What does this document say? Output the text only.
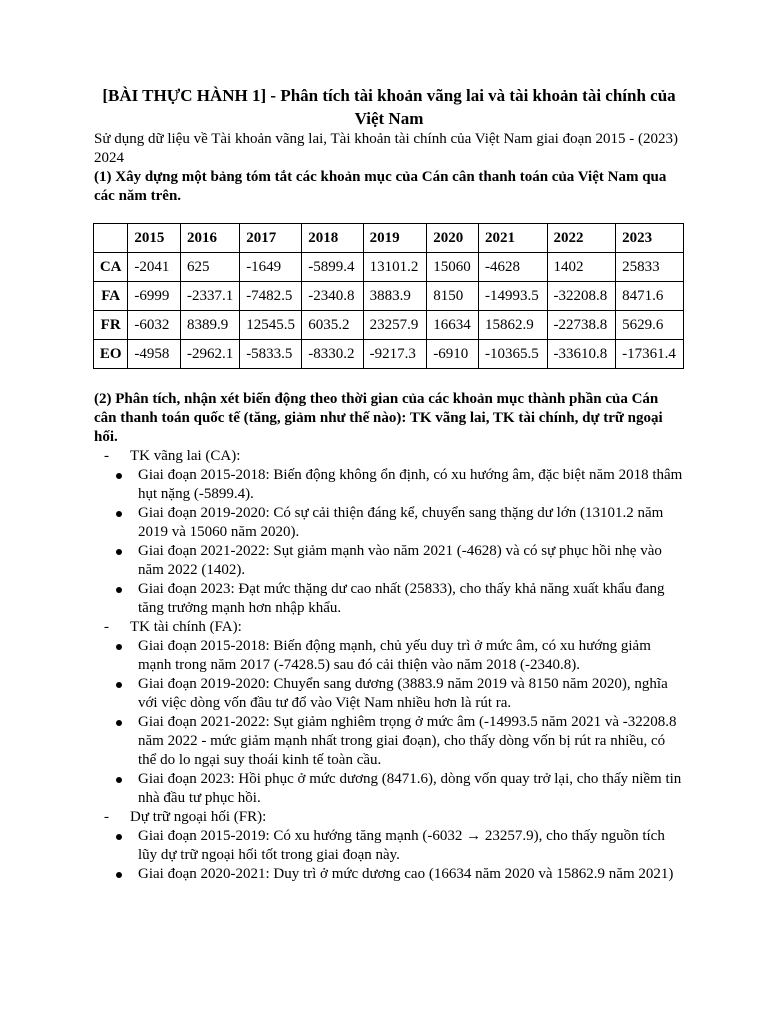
[BÀI THỰC HÀNH 1] - Phân tích tài khoản vãng lai và tài khoản tài chính của Việt Nam

Sử dụng dữ liệu về Tài khoản vãng lai, Tài khoản tài chính của Việt Nam giai đoạn 2015 - (2023) 2024

(1) Xây dựng một bảng tóm tắt các khoản mục của Cán cân thanh toán của Việt Nam qua các năm trên.

	2015	2016	2017	2018	2019	2020	2021	2022	2023
CA	-2041	625	-1649	-5899.4	13101.2	15060	-4628	1402	25833
FA	-6999	-2337.1	-7482.5	-2340.8	3883.9	8150	-14993.5	-32208.8	8471.6
FR	-6032	8389.9	12545.5	6035.2	23257.9	16634	15862.9	-22738.8	5629.6
EO	-4958	-2962.1	-5833.5	-8330.2	-9217.3	-6910	-10365.5	-33610.8	-17361.4

(2) Phân tích, nhận xét biến động theo thời gian của các khoản mục thành phần của Cán cân thanh toán quốc tế (tăng, giảm như thế nào): TK vãng lai, TK tài chính, dự trữ ngoại hối.

- TK vãng lai (CA):
Giai đoạn 2015-2018: Biến động không ổn định, có xu hướng âm, đặc biệt năm 2018 thâm hụt nặng (-5899.4).
Giai đoạn 2019-2020: Có sự cải thiện đáng kể, chuyển sang thặng dư lớn (13101.2 năm 2019 và 15060 năm 2020).
Giai đoạn 2021-2022: Sụt giảm mạnh vào năm 2021 (-4628) và có sự phục hồi nhẹ vào năm 2022 (1402).
Giai đoạn 2023: Đạt mức thặng dư cao nhất (25833), cho thấy khả năng xuất khẩu đang tăng trưởng mạnh hơn nhập khẩu.
- TK tài chính (FA):
Giai đoạn 2015-2018: Biến động mạnh, chủ yếu duy trì ở mức âm, có xu hướng giảm mạnh trong năm 2017 (-7428.5) sau đó cải thiện vào năm 2018 (-2340.8).
Giai đoạn 2019-2020: Chuyển sang dương (3883.9 năm 2019 và 8150 năm 2020), nghĩa với việc dòng vốn đầu tư đổ vào Việt Nam nhiều hơn là rút ra.
Giai đoạn 2021-2022: Sụt giảm nghiêm trọng ở mức âm (-14993.5 năm 2021 và -32208.8 năm 2022 - mức giảm mạnh nhất trong giai đoạn), cho thấy dòng vốn bị rút ra nhiều, có thể do lo ngại suy thoái kinh tế toàn cầu.
Giai đoạn 2023: Hồi phục ở mức dương (8471.6), dòng vốn quay trở lại, cho thấy niềm tin nhà đầu tư phục hồi.
- Dự trữ ngoại hối (FR):
Giai đoạn 2015-2019: Có xu hướng tăng mạnh (-6032 → 23257.9), cho thấy nguồn tích lũy dự trữ ngoại hối tốt trong giai đoạn này.
Giai đoạn 2020-2021: Duy trì ở mức dương cao (16634 năm 2020 và 15862.9 năm 2021)
